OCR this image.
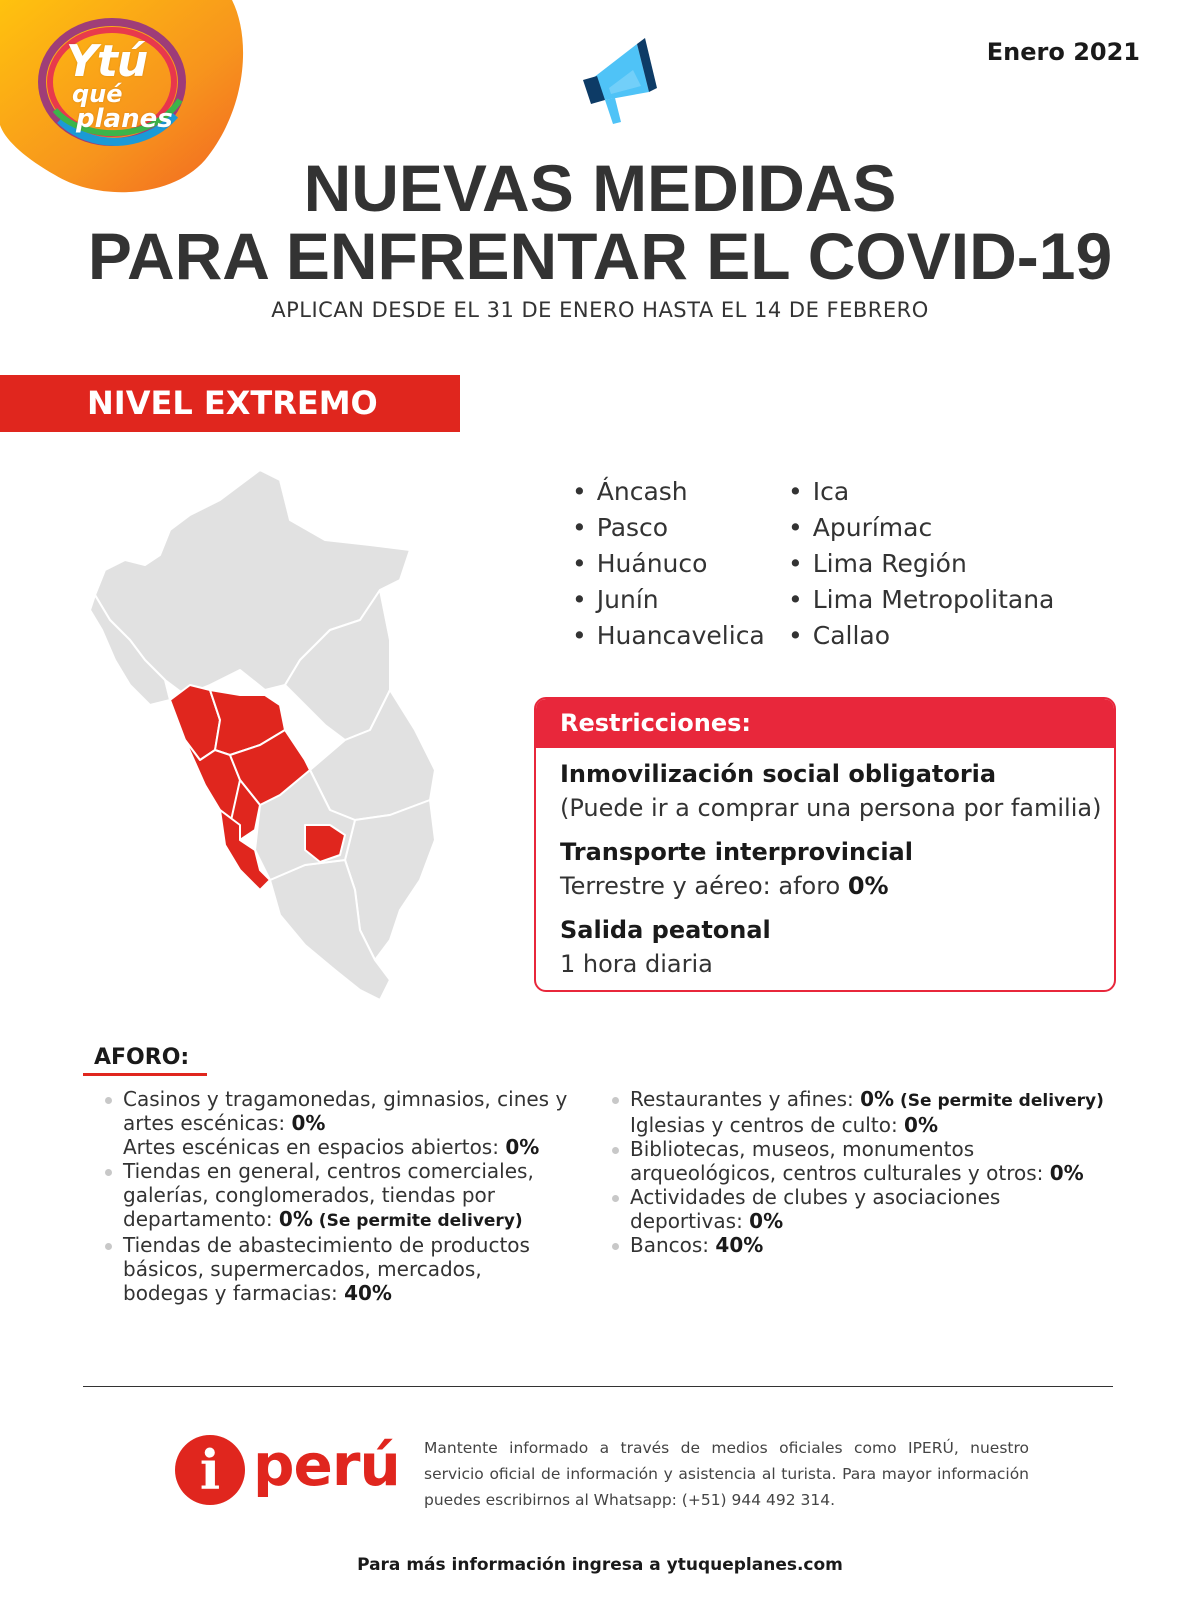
Ytú
qué
planes
Enero 2021
NUEVAS MEDIDAS
PARA ENFRENTAR EL COVID-19
APLICAN DESDE EL 31 DE ENERO HASTA EL 14 DE FEBRERO
NIVEL EXTREMO
• Áncash
• Pasco
• Huánuco
• Junín
• Huancavelica
• Ica
• Apurímac
• Lima Región
• Lima Metropolitana
• Callao
Restricciones:
Inmovilización social obligatoria
(Puede ir a comprar una persona por familia)
Transporte interprovincial
Terrestre y aéreo: aforo 0%
Salida peatonal
1 hora diaria
AFORO:
Casinos y tragamonedas, gimnasios, cines y artes escénicas: 0%
Artes escénicas en espacios abiertos: 0%
Tiendas en general, centros comerciales, galerías, conglomerados, tiendas por departamento: 0% (Se permite delivery)
Tiendas de abastecimiento de productos básicos, supermercados, mercados, bodegas y farmacias: 40%
Restaurantes y afines: 0% (Se permite delivery)
Iglesias y centros de culto: 0%
Bibliotecas, museos, monumentos arqueológicos, centros culturales y otros: 0%
Actividades de clubes y asociaciones deportivas: 0%
Bancos: 40%
i perú Mantente informado a través de medios oficiales como IPERÚ, nuestro servicio oficial de información y asistencia al turista. Para mayor información puedes escribirnos al Whatsapp: (+51) 944 492 314.
Para más información ingresa a ytuqueplanes.com
